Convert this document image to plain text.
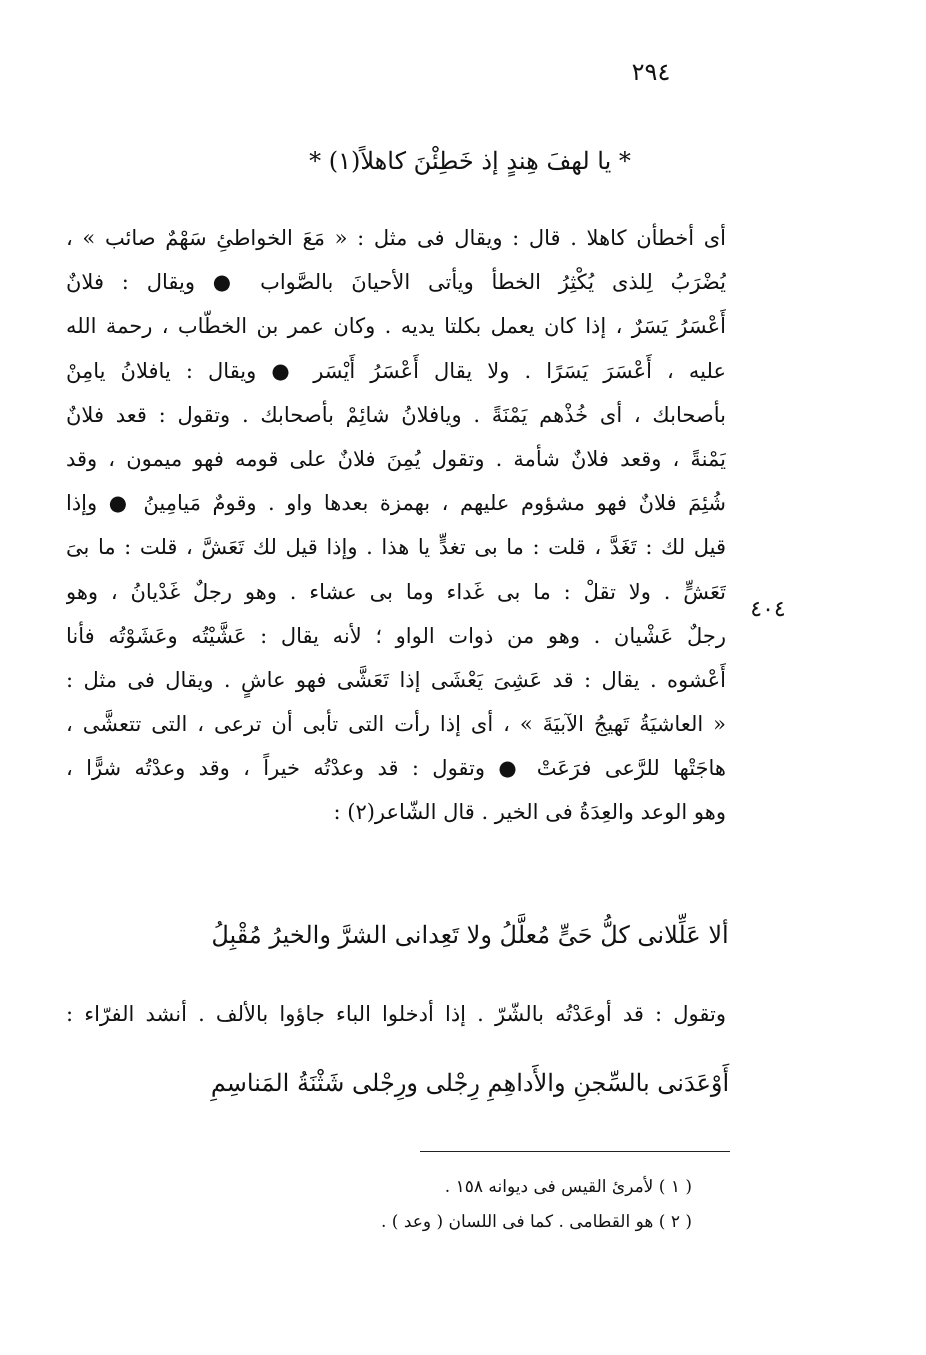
٢٩٤
* يا لهفَ هِندٍ إذ خَطِئْنَ كاهلاً(١) *
أى أخطأن كاهلا . قال : ويقال فى مثل : « مَعَ الخواطئِ سَهْمٌ صائب » ،
يُضْرَبُ لِلذى يُكْثِرُ الخطأ ويأتى الأحيانَ بالصَّواب ● ويقال : فلانٌ
أَعْسَرُ يَسَرٌ ، إذا كان يعمل بكلتا يديه . وكان عمر بن الخطّاب ، رحمة الله
عليه ، أَعْسَرَ يَسَرًا . ولا يقال أَعْسَرُ أَيْسَر ● ويقال : يافلانُ يامِنْ
بأصحابك ، أى خُذْهم يَمْنَةً . ويافلانُ شائِمْ بأصحابك . وتقول : قعد فلانٌ
يَمْنةً ، وقعد فلانٌ شأمة . وتقول يُمِنَ فلانٌ على قومه فهو ميمون ، وقد
شُئِمَ فلانٌ فهو مشؤوم عليهم ، بهمزة بعدها واو . وقومٌ مَيامِينُ ● وإذا
قيل لك : تَغَدَّ ، قلت : ما بى تغدٍّ يا هذا . وإذا قيل لك تَعَشَّ ، قلت : ما بىَ
تَعَشٍّ . ولا تقلْ : ما بى غَداء وما بى عشاء . وهو رجلٌ غَدْيانُ ، وهو
رجلٌ عَشْيان . وهو من ذوات الواو ؛ لأنه يقال : عَشَّيْتُه وعَشَوْتُه فأنا
أَعْشوه . يقال : قد عَشِىَ يَعْشَى إذا تَعَشَّى فهو عاشٍ . ويقال فى مثل :
« العاشيَةُ تَهيجُ الآبيَةَ » ، أى إذا رأت التى تأبى أن ترعى ، التى تتعشَّى ،
هاجَتْها للرَّعى فرَعَتْ ● وتقول : قد وعدْتُه خيراً ، وقد وعدْتُه شرًّا ،
وهو الوعد والعِدَةُ فى الخير . قال الشّاعر(٢) :
٤٠٤
ألا عَلِّلانى كلُّ حَىٍّ مُعلَّلُ ولا تَعِدانى الشرَّ والخيرُ مُقْبِلُ
وتقول : قد أوعَدْتُه بالشّرّ . إذا أدخلوا الباء جاؤوا بالألف . أنشد الفرّاء :
أَوْعَدَنى بالسِّجنِ والأَداهِمِ رِجْلى ورِجْلى شَثْنَةُ المَناسِمِ
( ١ ) لأمرئ القيس فى ديوانه ١٥٨ .
( ٢ ) هو القطامى . كما فى اللسان ( وعد ) .
